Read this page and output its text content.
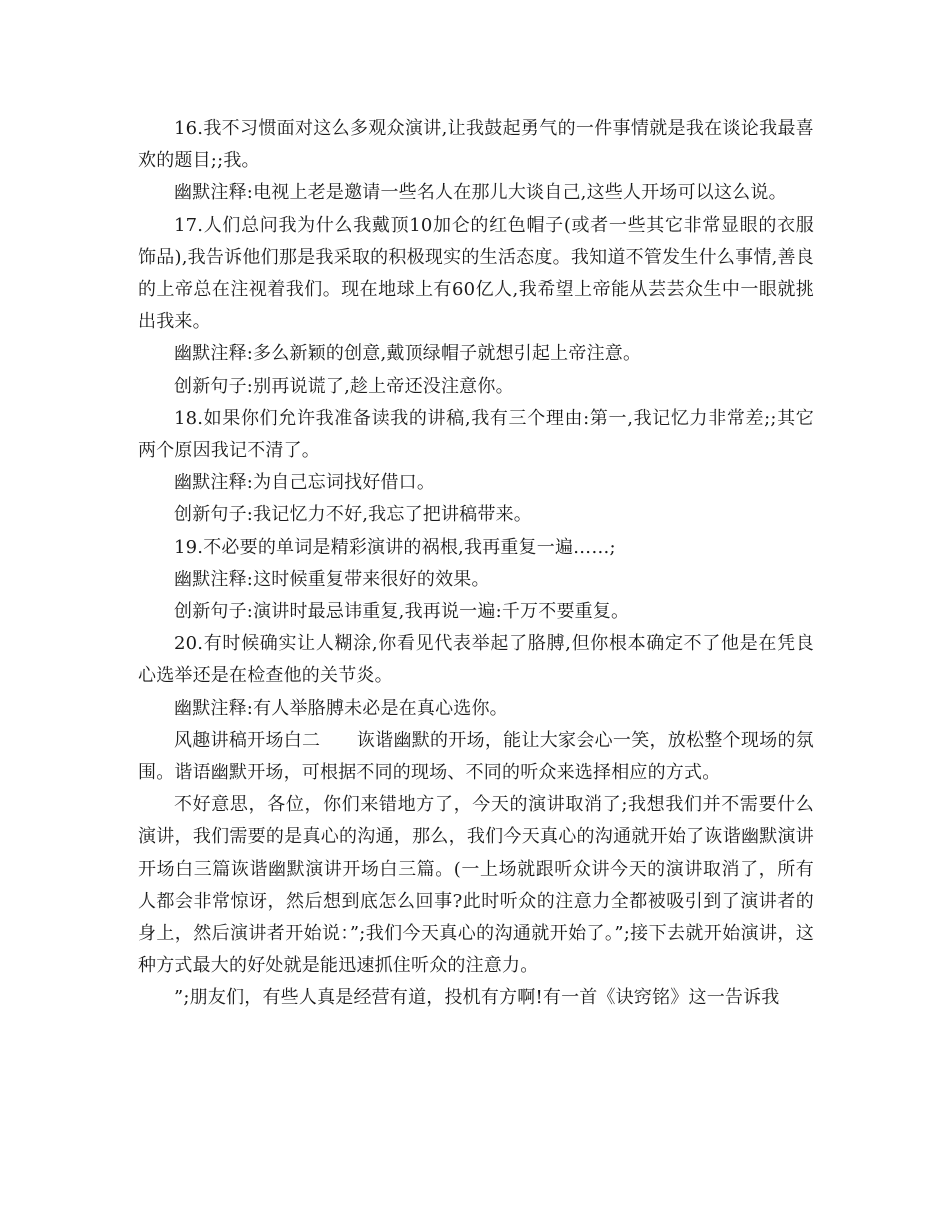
16.我不习惯面对这么多观众演讲,让我鼓起勇气的一件事情就是我在谈论我最喜欢的题目;;我。

幽默注释:电视上老是邀请一些名人在那儿大谈自己,这些人开场可以这么说。

17.人们总问我为什么我戴顶10加仑的红色帽子(或者一些其它非常显眼的衣服饰品),我告诉他们那是我采取的积极现实的生活态度。我知道不管发生什么事情,善良的上帝总在注视着我们。现在地球上有60亿人,我希望上帝能从芸芸众生中一眼就挑出我来。

幽默注释:多么新颖的创意,戴顶绿帽子就想引起上帝注意。

创新句子:别再说谎了,趁上帝还没注意你。

18.如果你们允许我准备读我的讲稿,我有三个理由:第一,我记忆力非常差;;其它两个原因我记不清了。

幽默注释:为自己忘词找好借口。

创新句子:我记忆力不好,我忘了把讲稿带来。

19.不必要的单词是精彩演讲的祸根,我再重复一遍……;

幽默注释:这时候重复带来很好的效果。

创新句子:演讲时最忌讳重复,我再说一遍:千万不要重复。

20.有时候确实让人糊涂,你看见代表举起了胳膊,但你根本确定不了他是在凭良心选举还是在检查他的关节炎。

幽默注释:有人举胳膊未必是在真心选你。

风趣讲稿开场白二　　诙谐幽默的开场，能让大家会心一笑，放松整个现场的氛围。谐语幽默开场，可根据不同的现场、不同的听众来选择相应的方式。

不好意思，各位，你们来错地方了，今天的演讲取消了;我想我们并不需要什么演讲，我们需要的是真心的沟通，那么，我们今天真心的沟通就开始了诙谐幽默演讲开场白三篇诙谐幽默演讲开场白三篇。(一上场就跟听众讲今天的演讲取消了，所有人都会非常惊讶，然后想到底怎么回事?此时听众的注意力全都被吸引到了演讲者的身上，然后演讲者开始说：”;我们今天真心的沟通就开始了。”;接下去就开始演讲，这种方式最大的好处就是能迅速抓住听众的注意力。

”;朋友们，有些人真是经营有道，投机有方啊!有一首《诀窍铭》这一告诉我
